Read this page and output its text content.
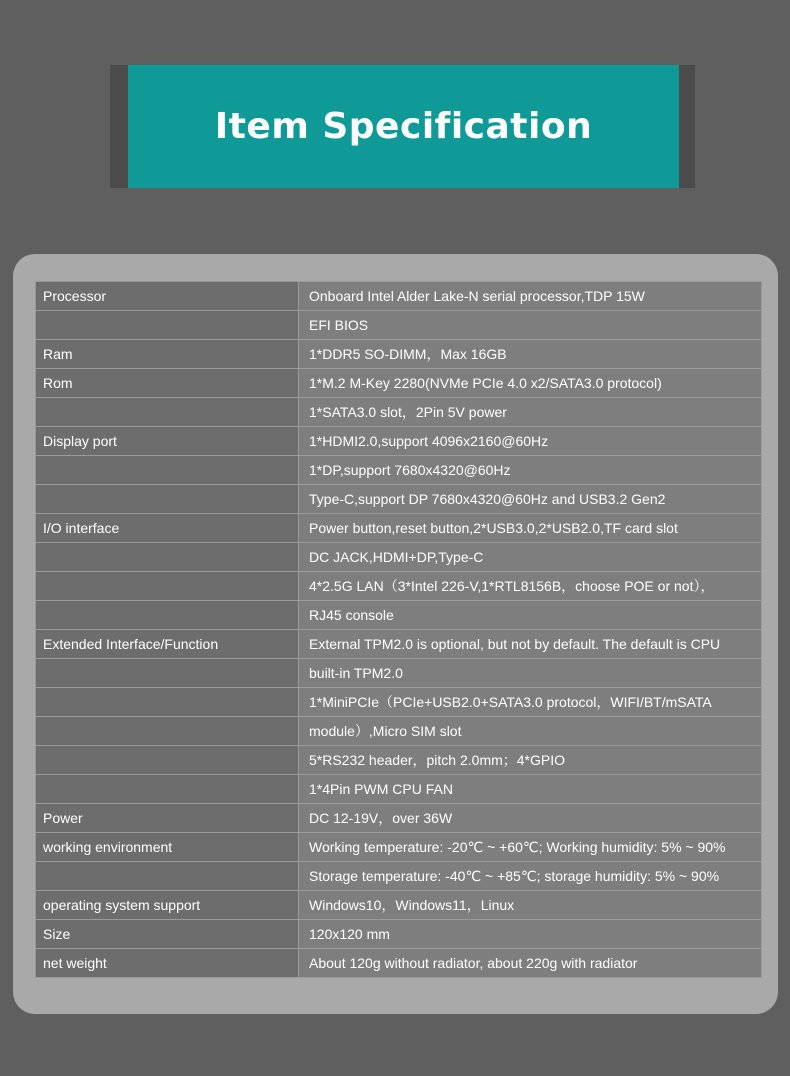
Item Specification
Processor	Onboard Intel Alder Lake-N serial processor,TDP 15W
	EFI BIOS
Ram	1*DDR5 SO-DIMM，Max 16GB
Rom	1*M.2 M-Key 2280(NVMe PCIe 4.0 x2/SATA3.0 protocol)
	1*SATA3.0 slot，2Pin 5V power
Display port	1*HDMI2.0,support 4096x2160@60Hz
	1*DP,support 7680x4320@60Hz
	Type-C,support DP 7680x4320@60Hz and USB3.2 Gen2
I/O interface	Power button,reset button,2*USB3.0,2*USB2.0,TF card slot
	DC JACK,HDMI+DP,Type-C
	4*2.5G LAN（3*Intel 226-V,1*RTL8156B，choose POE or not），
	RJ45 console
Extended Interface/Function	External TPM2.0 is optional, but not by default. The default is CPU
	built-in TPM2.0
	1*MiniPCIe（PCIe+USB2.0+SATA3.0 protocol，WIFI/BT/mSATA
	module）,Micro SIM slot
	5*RS232 header，pitch 2.0mm；4*GPIO
	1*4Pin PWM CPU FAN
Power	DC 12-19V，over 36W
working environment	Working temperature: -20℃ ~ +60℃; Working humidity: 5% ~ 90%
	Storage temperature: -40℃ ~ +85℃; storage humidity: 5% ~ 90%
operating system support	Windows10，Windows11，Linux
Size	120x120 mm
net weight	About 120g without radiator, about 220g with radiator
